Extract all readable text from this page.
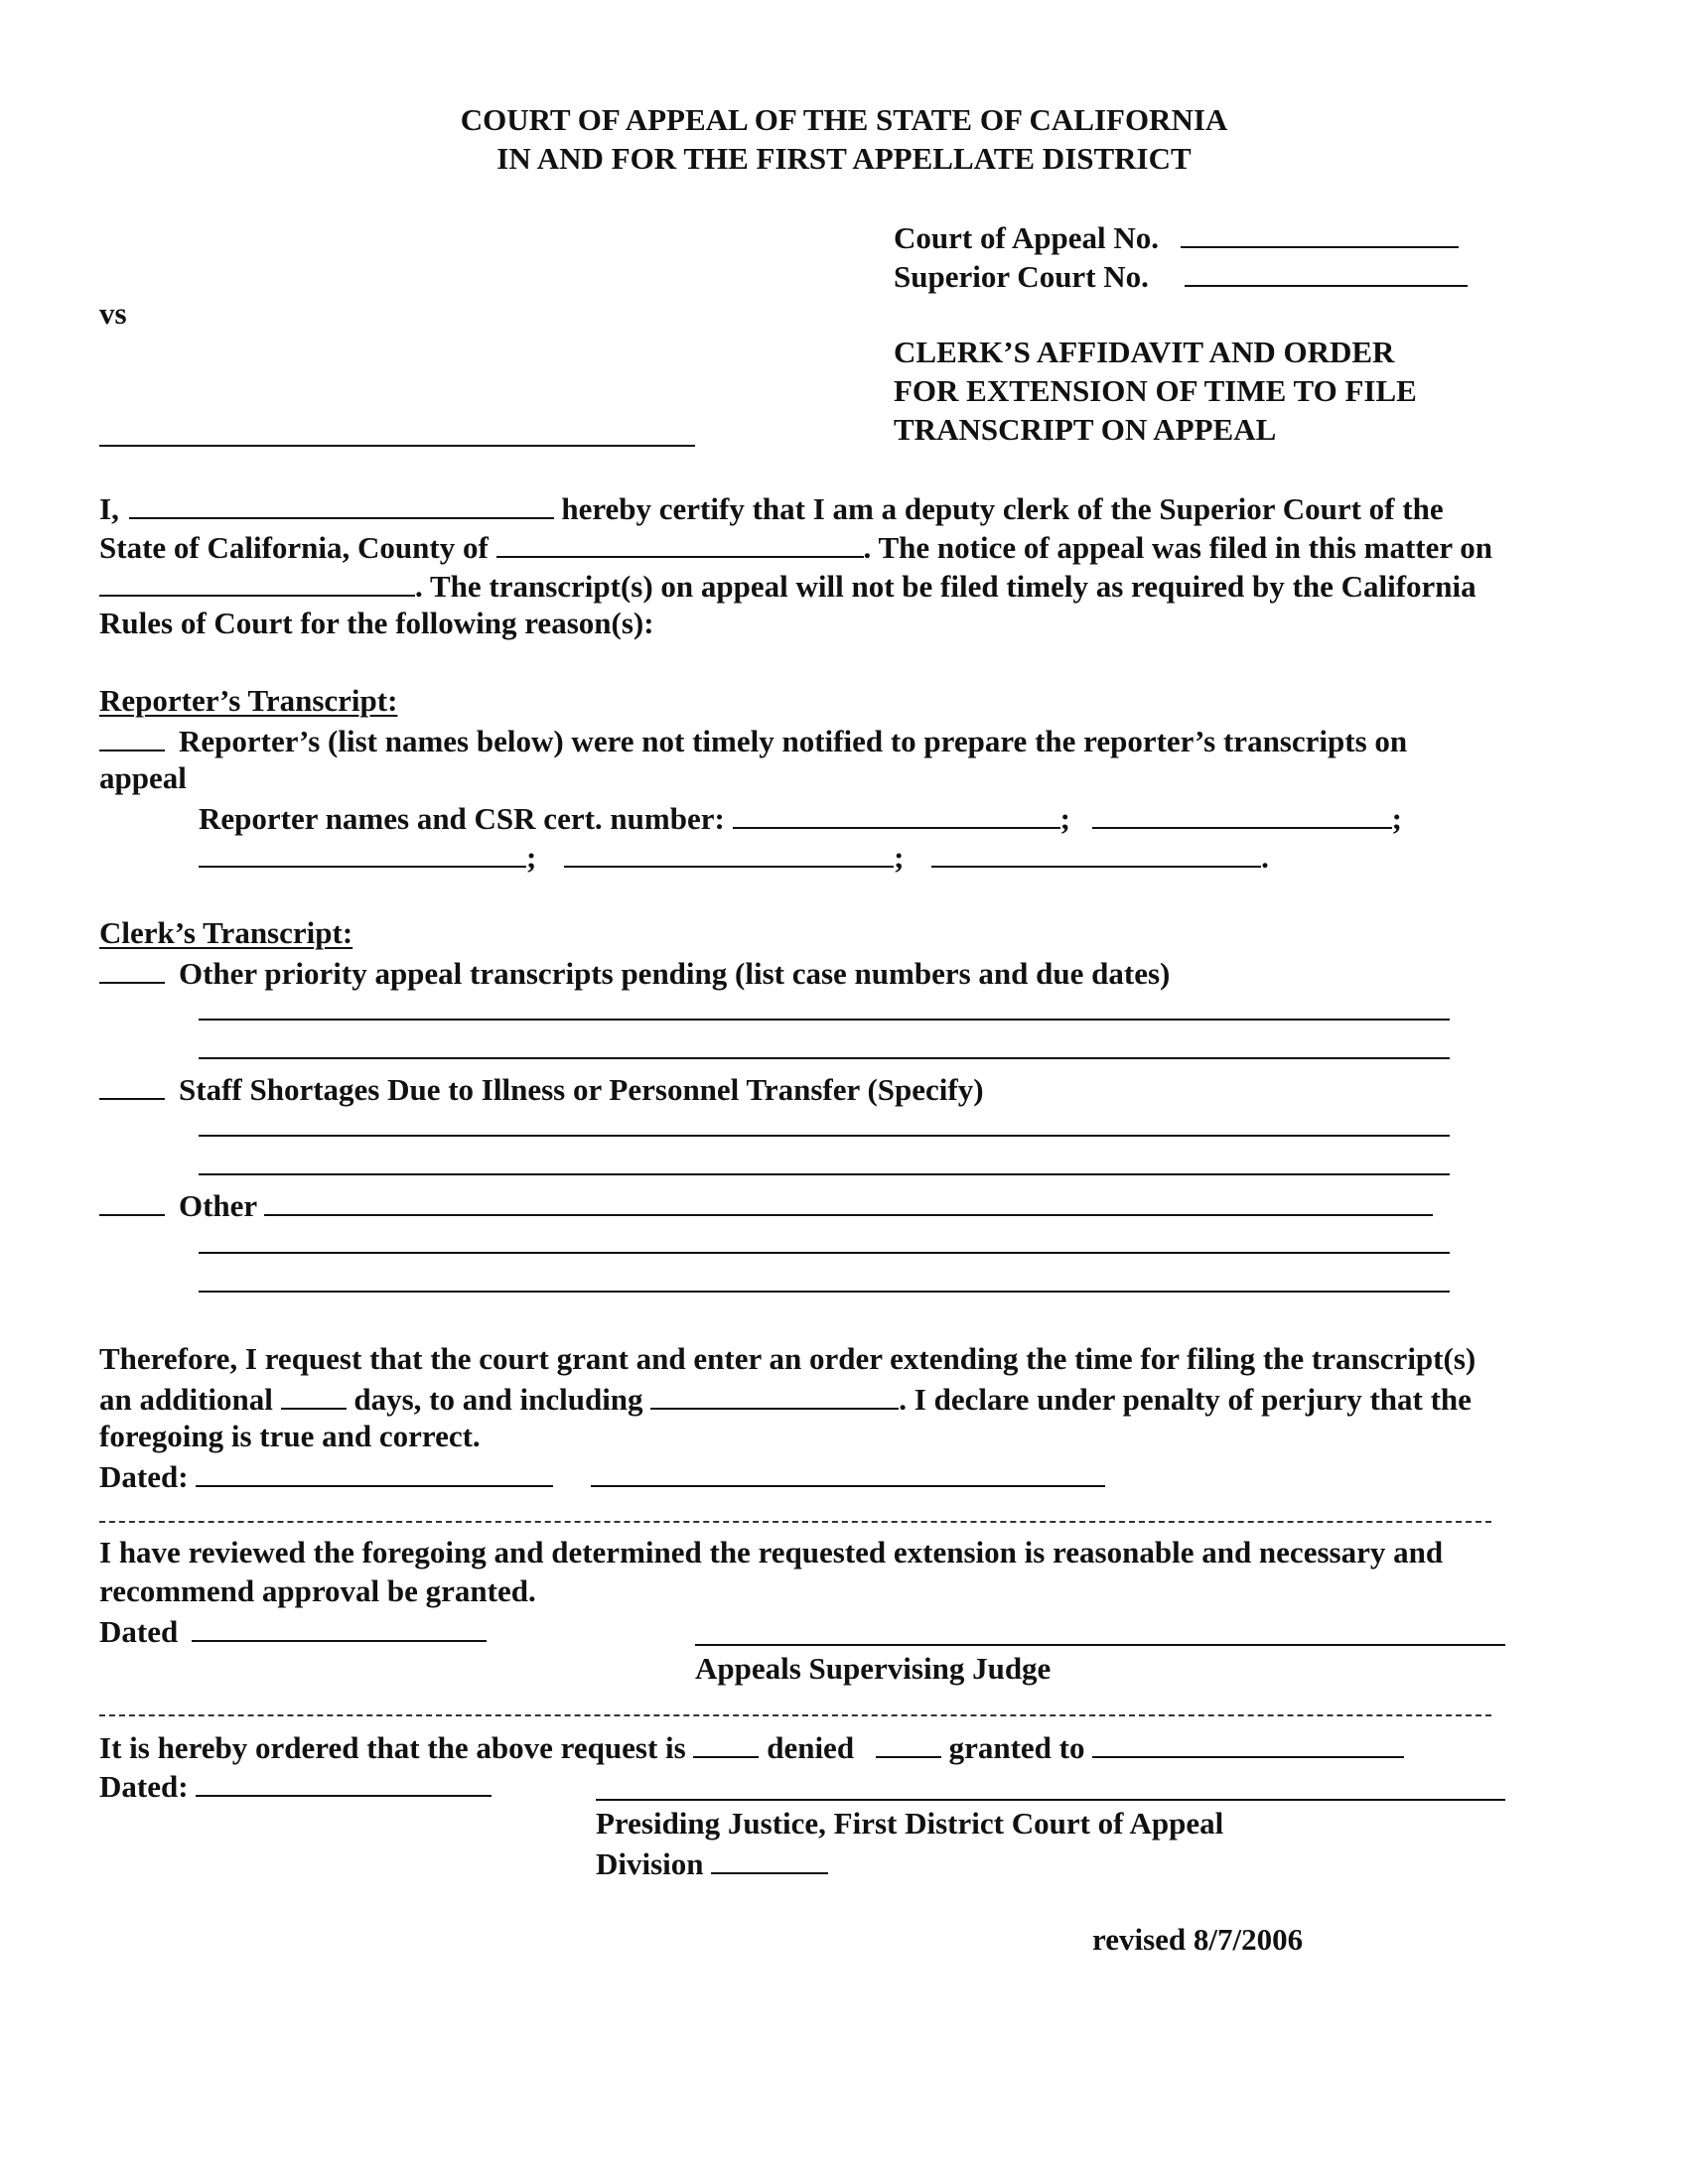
COURT OF APPEAL OF THE STATE OF CALIFORNIA
IN AND FOR THE FIRST APPELLATE DISTRICT
Court of Appeal No.
Superior Court No.
vs
CLERK’S AFFIDAVIT AND ORDER
FOR EXTENSION OF TIME TO FILE
TRANSCRIPT ON APPEAL
I,	hereby certify that I am a deputy clerk of the Superior Court of the
State of California, County of	. The notice of appeal was filed in this matter on
. The transcript(s) on appeal will not be filed timely as required by the California
Rules of Court for the following reason(s):
Reporter’s Transcript:
Reporter’s (list names below) were not timely notified to prepare the reporter’s transcripts on
appeal
Reporter names and CSR cert. number:	;	;
;	;	.
Clerk’s Transcript:
Other priority appeal transcripts pending (list case numbers and due dates)
Staff Shortages Due to Illness or Personnel Transfer (Specify)
Other
Therefore, I request that the court grant and enter an order extending the time for filing the transcript(s)
an additional	days, to and including	. I declare under penalty of perjury that the
foregoing is true and correct.
Dated:
I have reviewed the foregoing and determined the requested extension is reasonable and necessary and
recommend approval be granted.
Dated
Appeals Supervising Judge
It is hereby ordered that the above request is	denied	granted to
Dated:
Presiding Justice, First District Court of Appeal
Division
revised 8/7/2006
